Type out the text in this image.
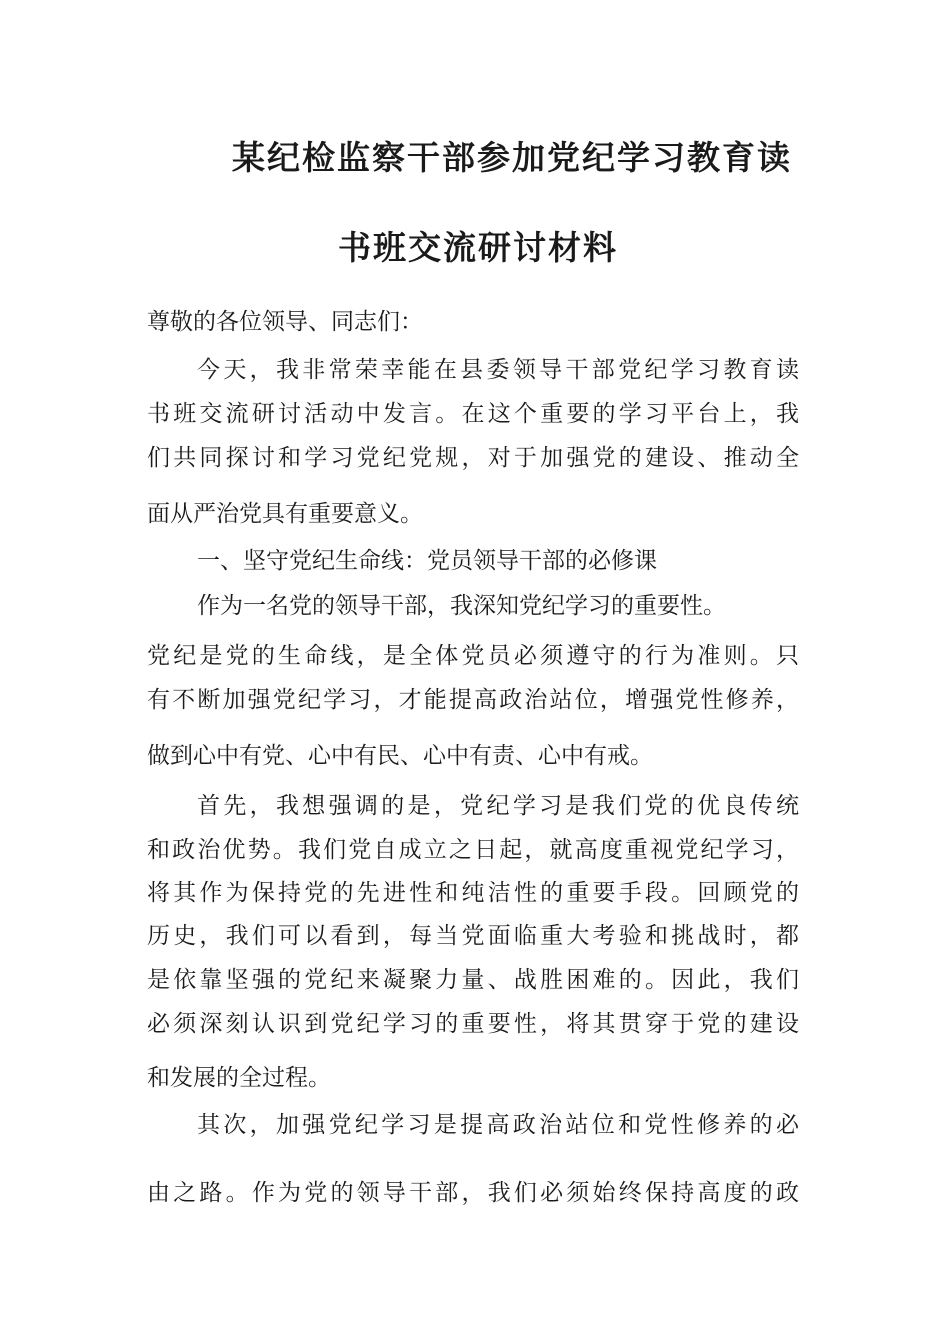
某纪检监察干部参加党纪学习教育读
书班交流研讨材料

尊敬的各位领导、同志们：

今天，我非常荣幸能在县委领导干部党纪学习教育读

书班交流研讨活动中发言。在这个重要的学习平台上，我

们共同探讨和学习党纪党规，对于加强党的建设、推动全

面从严治党具有重要意义。

一、坚守党纪生命线：党员领导干部的必修课

作为一名党的领导干部，我深知党纪学习的重要性。

党纪是党的生命线，是全体党员必须遵守的行为准则。只

有不断加强党纪学习，才能提高政治站位，增强党性修养，

做到心中有党、心中有民、心中有责、心中有戒。

首先，我想强调的是，党纪学习是我们党的优良传统

和政治优势。我们党自成立之日起，就高度重视党纪学习，

将其作为保持党的先进性和纯洁性的重要手段。回顾党的

历史，我们可以看到，每当党面临重大考验和挑战时，都

是依靠坚强的党纪来凝聚力量、战胜困难的。因此，我们

必须深刻认识到党纪学习的重要性，将其贯穿于党的建设

和发展的全过程。

其次，加强党纪学习是提高政治站位和党性修养的必

由之路。作为党的领导干部，我们必须始终保持高度的政
